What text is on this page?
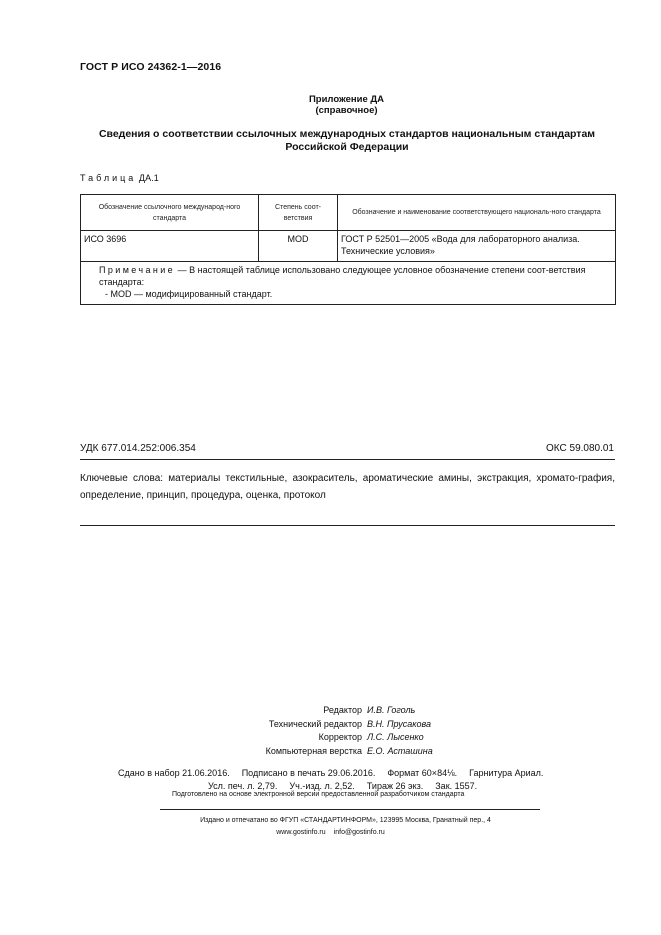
ГОСТ Р ИСО 24362-1—2016
Приложение ДА
(справочное)
Сведения о соответствии ссылочных международных стандартов национальным стандартам Российской Федерации
Таблица ДА.1
Обозначение ссылочного международ-ного стандарта	Степень соот-ветствия	Обозначение и наименование соответствующего националь-ного стандарта
ИСО 3696	MOD	ГОСТ Р 52501—2005 «Вода для лабораторного анализа. Технические условия»

Примечание — В настоящей таблице использовано следующее условное обозначение степени соот-ветствия стандарта:
- MOD — модифицированный стандарт.		
УДК 677.014.252:006.354	ОКС 59.080.01
Ключевые слова: материалы текстильные, азокраситель, ароматические амины, экстракция, хромато-графия, определение, принцип, процедура, оценка, протокол
Редактор И.В. Гоголь
Технический редактор В.Н. Прусакова
Корректор Л.С. Лысенко
Компьютерная верстка Е.О. Асташина
Сдано в набор 21.06.2016. Подписано в печать 29.06.2016. Формат 60×84⅛. Гарнитура Ариал.
Усл. печ. л. 2,79. Уч.-изд. л. 2,52. Тираж 26 экз. Зак. 1557.
Подготовлено на основе электронной версии предоставленной разработчиком стандарта
Издано и отпечатано во ФГУП «СТАНДАРТИНФОРМ», 123995 Москва, Гранатный пер., 4
www.gostinfo.ru info@gostinfo.ru
